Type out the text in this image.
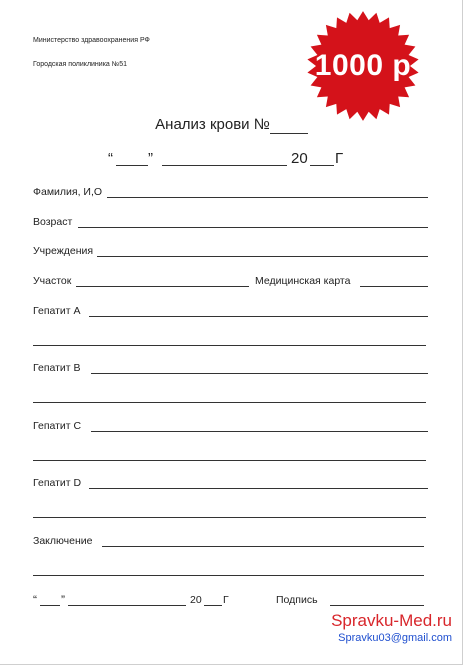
Министерство здравоохранения РФ
Городская поликлиника №51	1000 р
Анализ крови №
“ ”	20 Г
Фамилия, И,О
Возраст
Учреждения
Участок	Медицинская карта
Гепатит А
Гепатит В
Гепатит С
Гепатит D
Заключение
“ ”	20 Г	Подпись
Spravku-Med.ru
Spravku03@gmail.com
